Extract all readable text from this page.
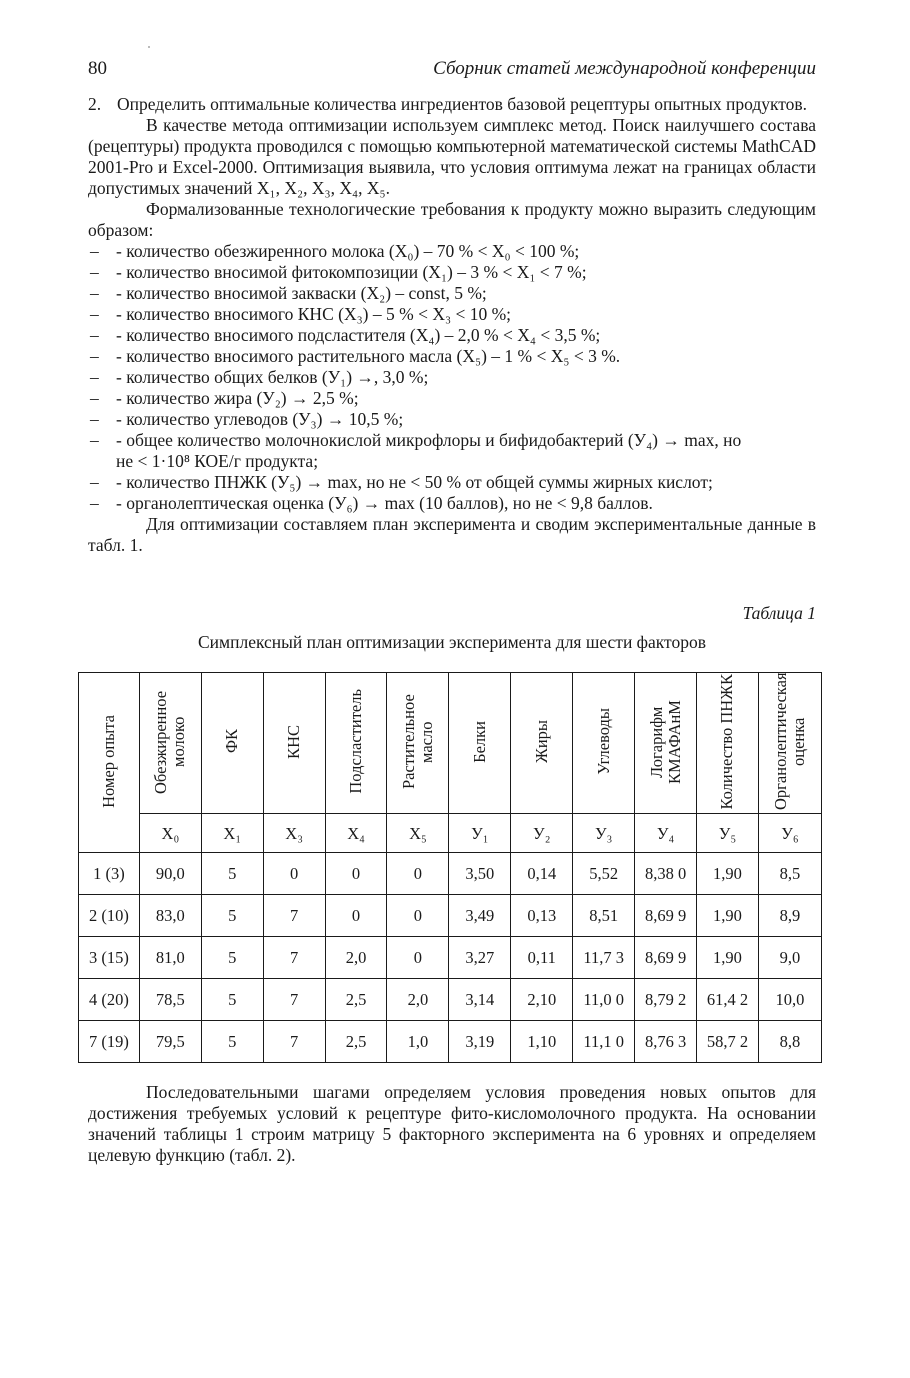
80	Сборник статей международной конференции
2. Определить оптимальные количества ингредиентов базовой рецептуры опытных продуктов.

В качестве метода оптимизации используем симплекс метод. Поиск наилучшего состава (рецептуры) продукта проводился с помощью компьютерной математической системы MathCAD 2001-Pro и Excel-2000. Оптимизация выявила, что условия оптимума лежат на границах области допустимых значений X₁, X₂, X₃, X₄, X₅.

Формализованные технологические требования к продукту можно выразить следующим образом:

– - количество обезжиренного молока (X₀) – 70 % < X₀ < 100 %;
– - количество вносимой фитокомпозиции (X₁) – 3 % < X₁ < 7 %;
– - количество вносимой закваски (X₂) – const, 5 %;
– - количество вносимого КНС (X₃) – 5 % < X₃ < 10 %;
– - количество вносимого подсластителя (X₄) – 2,0 % < X₄ < 3,5 %;
– - количество вносимого растительного масла (X₅) – 1 % < X₅ < 3 %.
– - количество общих белков (У₁) →, 3,0 %;
– - количество жира (У₂) → 2,5 %;
– - количество углеводов (У₃) → 10,5 %;
– - общее количество молочнокислой микрофлоры и бифидобактерий (У₄) → max, но
не < 1·10⁸ КОЕ/г продукта;
– - количество ПНЖК (У₅) → max, но не < 50 % от общей суммы жирных кислот;
– - органолептическая оценка (У₆) → max (10 баллов), но не < 9,8 баллов.

Для оптимизации составляем план эксперимента и сводим экспериментальные данные в табл. 1.

Таблица 1
Симплексный план оптимизации эксперимента для шести факторов
Номер опыта	Обезжиренное молоко	ФК	КНС	Подсластитель	Растительное масло	Белки	Жиры	Углеводы	Логарифм КМАФАнМ	Количество ПНЖК	Органолептическая оценка
	X₀	X₁	X₃	X₄	X₅	У₁	У₂	У₃	У₄	У₅	У₆
1 (3)	90,0	5	0	0	0	3,50	0,14	5,52	8,38 0	1,90	8,5
2 (10)	83,0	5	7	0	0	3,49	0,13	8,51	8,69 9	1,90	8,9
3 (15)	81,0	5	7	2,0	0	3,27	0,11	11,7 3	8,69 9	1,90	9,0
4 (20)	78,5	5	7	2,5	2,0	3,14	2,10	11,0 0	8,79 2	61,4 2	10,0
7 (19)	79,5	5	7	2,5	1,0	3,19	1,10	11,1 0	8,76 3	58,7 2	8,8

Последовательными шагами определяем условия проведения новых опытов для достижения требуемых условий к рецептуре фито-кисломолочного продукта. На основании значений таблицы 1 строим матрицу 5 факторного эксперимента на 6 уровнях и определяем целевую функцию (табл. 2).
